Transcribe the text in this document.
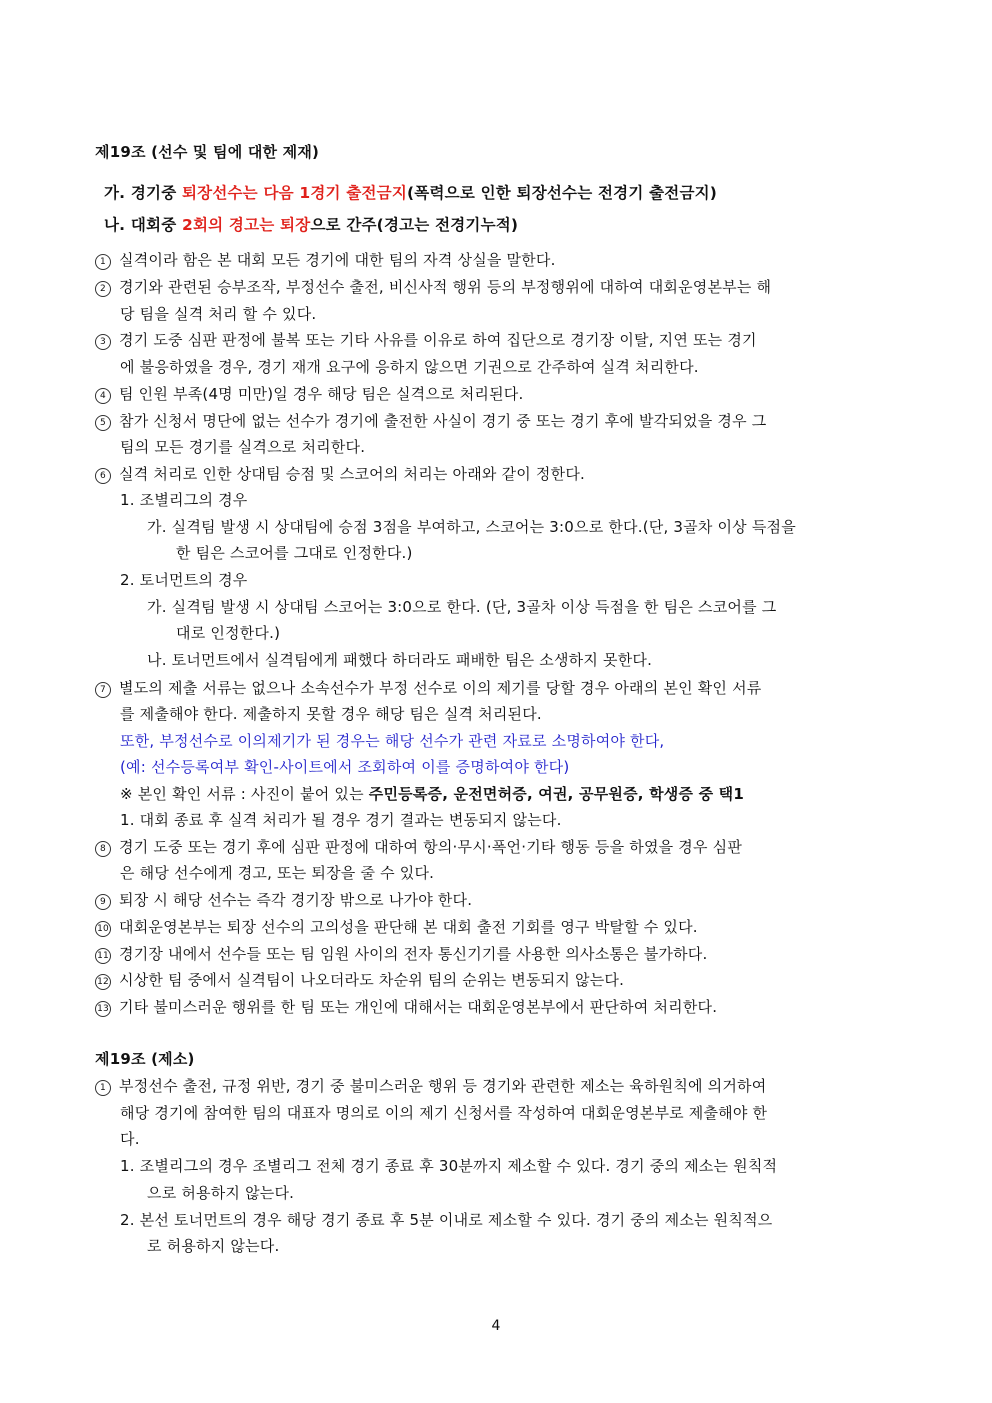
제19조 (선수 및 팀에 대한 제재)
가. 경기중 퇴장선수는 다음 1경기 출전금지(폭력으로 인한 퇴장선수는 전경기 출전금지)
나. 대회중 2회의 경고는 퇴장으로 간주(경고는 전경기누적)
1 실격이라 함은 본 대회 모든 경기에 대한 팀의 자격 상실을 말한다.
2 경기와 관련된 승부조작, 부정선수 출전, 비신사적 행위 등의 부정행위에 대하여 대회운영본부는 해
당 팀을 실격 처리 할 수 있다.
3 경기 도중 심판 판정에 불복 또는 기타 사유를 이유로 하여 집단으로 경기장 이탈, 지연 또는 경기
에 불응하였을 경우, 경기 재개 요구에 응하지 않으면 기권으로 간주하여 실격 처리한다.
4 팀 인원 부족(4명 미만)일 경우 해당 팀은 실격으로 처리된다.
5 참가 신청서 명단에 없는 선수가 경기에 출전한 사실이 경기 중 또는 경기 후에 발각되었을 경우 그
팀의 모든 경기를 실격으로 처리한다.
6 실격 처리로 인한 상대팀 승점 및 스코어의 처리는 아래와 같이 정한다.
1. 조별리그의 경우
가. 실격팀 발생 시 상대팀에 승점 3점을 부여하고, 스코어는 3:0으로 한다.(단, 3골차 이상 득점을
한 팀은 스코어를 그대로 인정한다.)
2. 토너먼트의 경우
가. 실격팀 발생 시 상대팀 스코어는 3:0으로 한다. (단, 3골차 이상 득점을 한 팀은 스코어를 그
대로 인정한다.)
나. 토너먼트에서 실격팀에게 패했다 하더라도 패배한 팀은 소생하지 못한다.
7 별도의 제출 서류는 없으나 소속선수가 부정 선수로 이의 제기를 당할 경우 아래의 본인 확인 서류
를 제출해야 한다. 제출하지 못할 경우 해당 팀은 실격 처리된다.
또한, 부정선수로 이의제기가 된 경우는 해당 선수가 관련 자료로 소명하여야 한다,
(예: 선수등록여부 확인-사이트에서 조회하여 이를 증명하여야 한다)
※ 본인 확인 서류 : 사진이 붙어 있는 주민등록증, 운전면허증, 여권, 공무원증, 학생증 중 택1
1. 대회 종료 후 실격 처리가 될 경우 경기 결과는 변동되지 않는다.
8 경기 도중 또는 경기 후에 심판 판정에 대하여 항의·무시·폭언·기타 행동 등을 하였을 경우 심판
은 해당 선수에게 경고, 또는 퇴장을 줄 수 있다.
9 퇴장 시 해당 선수는 즉각 경기장 밖으로 나가야 한다.
10 대회운영본부는 퇴장 선수의 고의성을 판단해 본 대회 출전 기회를 영구 박탈할 수 있다.
11 경기장 내에서 선수들 또는 팀 임원 사이의 전자 통신기기를 사용한 의사소통은 불가하다.
12 시상한 팀 중에서 실격팀이 나오더라도 차순위 팀의 순위는 변동되지 않는다.
13 기타 불미스러운 행위를 한 팀 또는 개인에 대해서는 대회운영본부에서 판단하여 처리한다.
제19조 (제소)
1 부정선수 출전, 규정 위반, 경기 중 불미스러운 행위 등 경기와 관련한 제소는 육하원칙에 의거하여
해당 경기에 참여한 팀의 대표자 명의로 이의 제기 신청서를 작성하여 대회운영본부로 제출해야 한
다.
1. 조별리그의 경우 조별리그 전체 경기 종료 후 30분까지 제소할 수 있다. 경기 중의 제소는 원칙적
으로 허용하지 않는다.
2. 본선 토너먼트의 경우 해당 경기 종료 후 5분 이내로 제소할 수 있다. 경기 중의 제소는 원칙적으
로 허용하지 않는다.
4
